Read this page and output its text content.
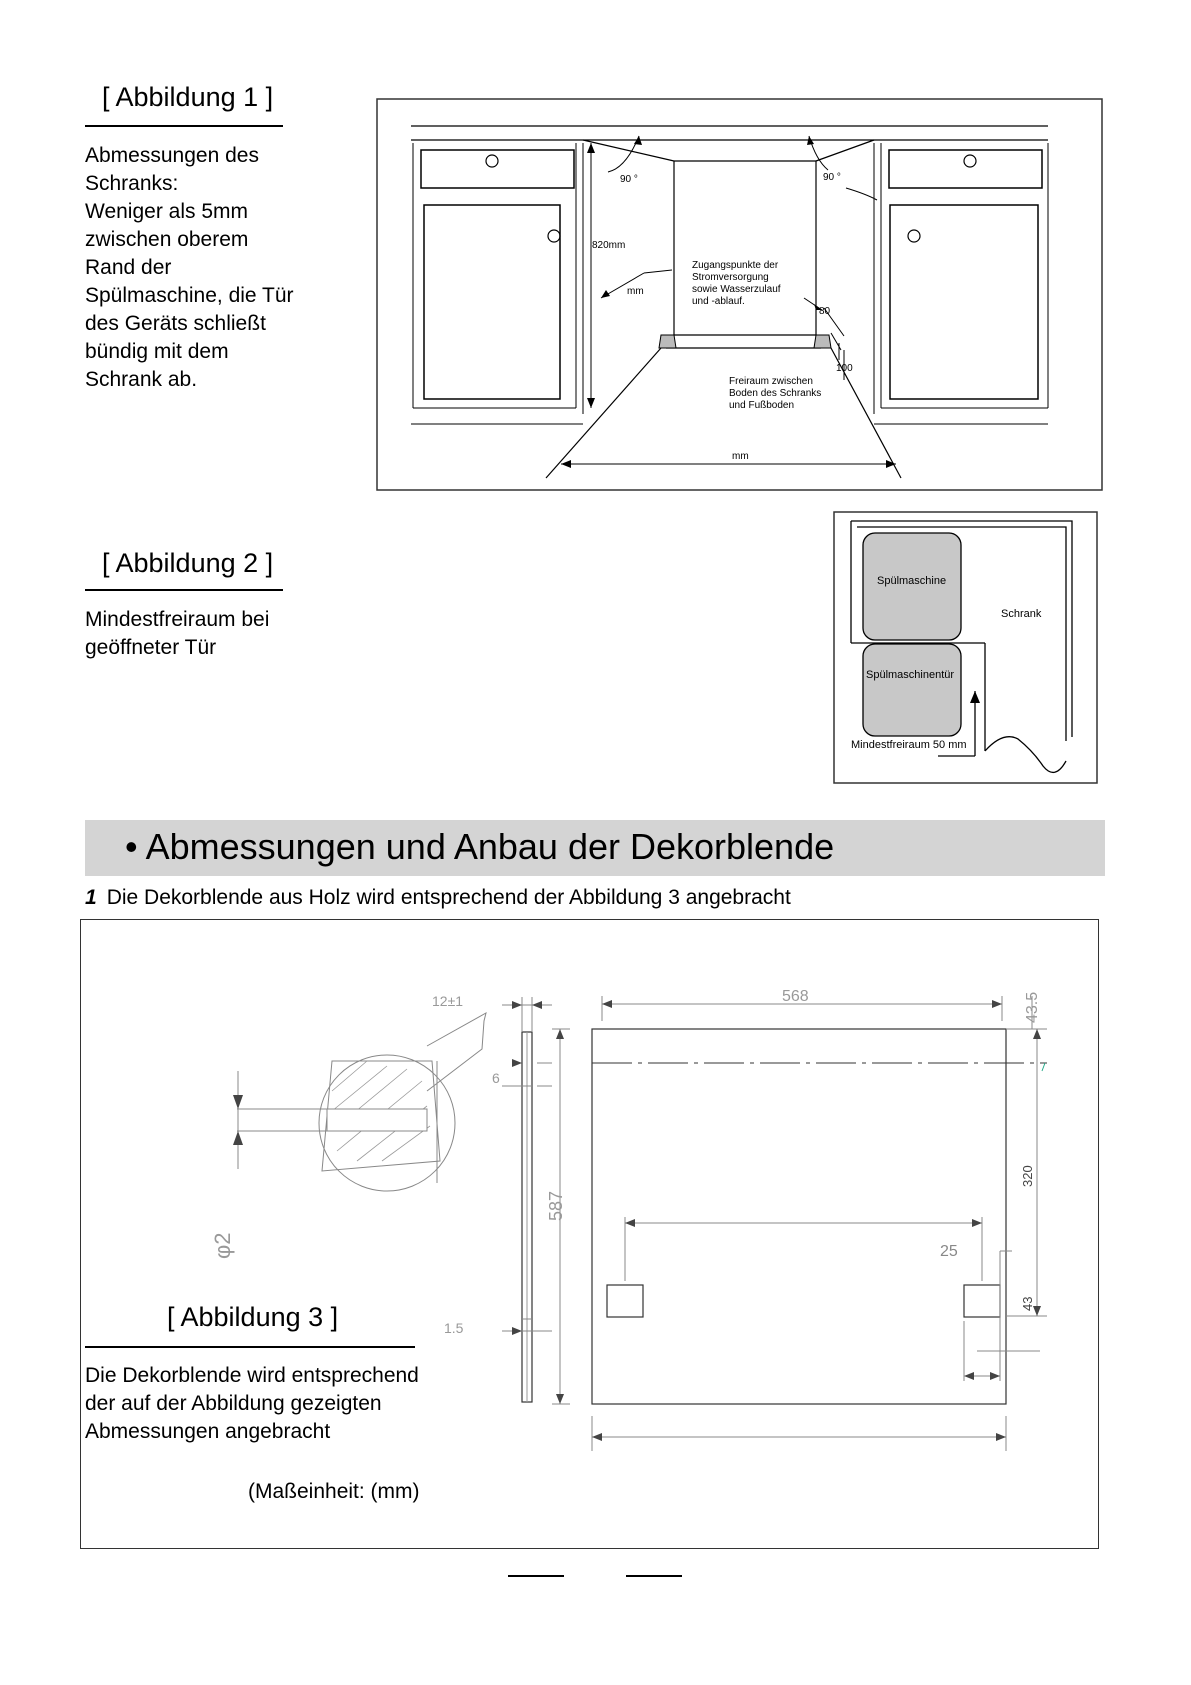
[ Abbildung 1 ]
Abmessungen des
Schranks:
Weniger als 5mm
zwischen oberem
Rand der
Spülmaschine, die Tür
des Geräts schließt
bündig mit dem
Schrank ab.
90 °	90 °
820mm
mm
Zugangspunkte der
Stromversorgung
sowie Wasserzulauf
und -ablauf.
80
100
Freiraum zwischen
Boden des Schranks
und Fußboden
mm
[ Abbildung 2 ]
Mindestfreiraum bei
geöffneter Tür
Spülmaschine
Schrank
Spülmaschinentür
Mindestfreiraum 50 mm
• Abmessungen und Anbau der Dekorblende
1 Die Dekorblende aus Holz wird entsprechend der Abbildung 3 angebracht
12±1
6
1.5
587
φ2
568	43.5
320
25
43
[ Abbildung 3 ]
Die Dekorblende wird entsprechend
der auf der Abbildung gezeigten
Abmessungen angebracht
(Maßeinheit: (mm)
